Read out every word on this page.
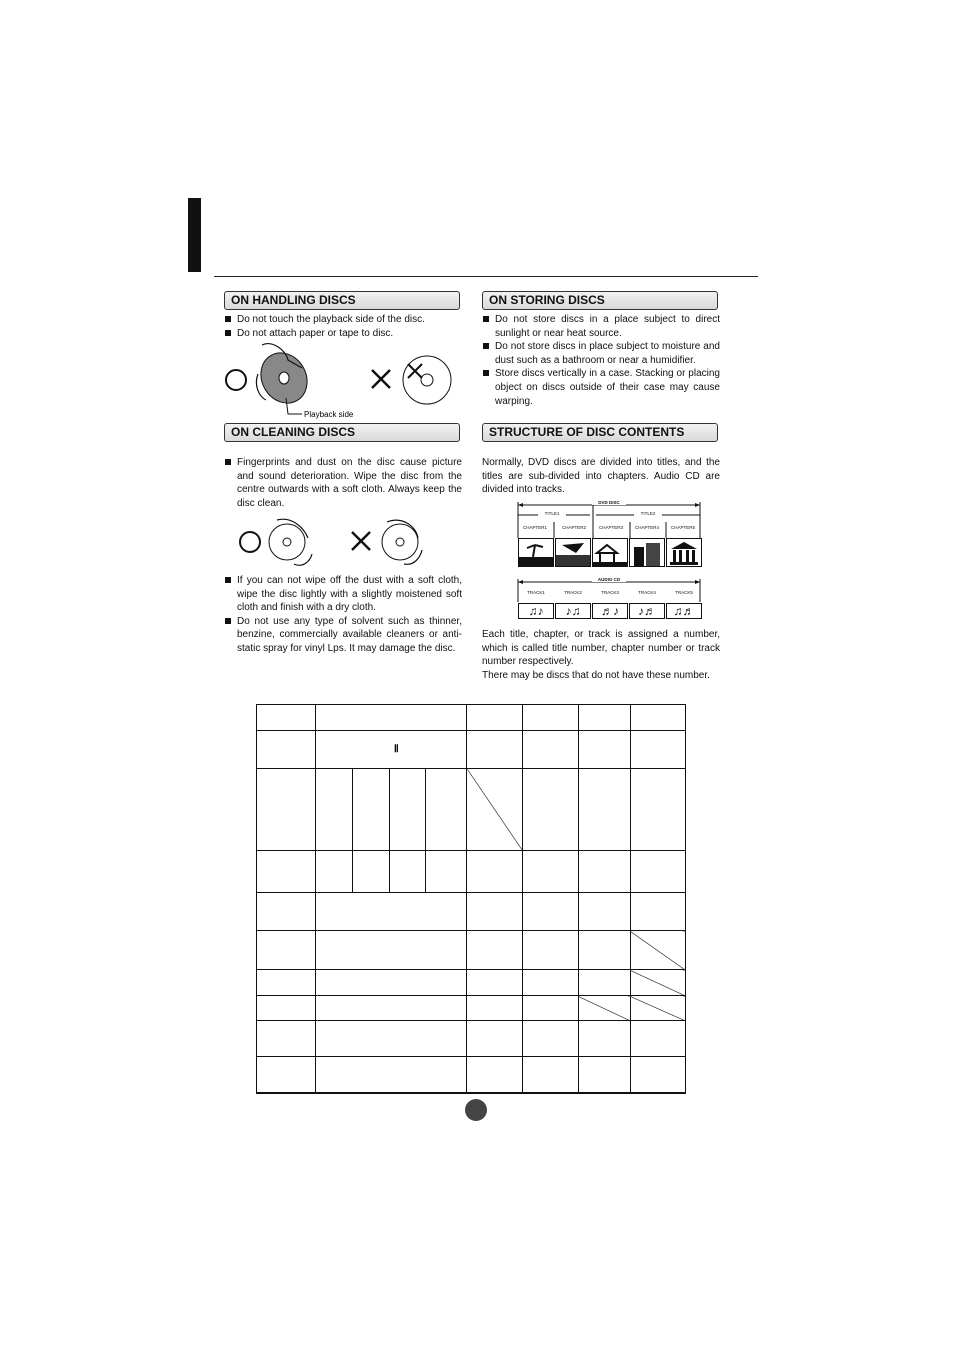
ON HANDLING DISCS
Do not touch the playback side of the disc.
Do not attach paper or tape to disc.
Playback side
ON CLEANING DISCS
Fingerprints and dust on the disc cause picture and sound deterioration. Wipe the disc from the centre outwards with a soft cloth. Always keep the disc clean.
If you can not wipe off the dust with a soft cloth, wipe the disc lightly with a slightly moistened soft cloth and finish with a dry cloth.
Do not use any type of solvent such as thinner, benzine, commercially available cleaners or anti-static spray for vinyl Lps. It may damage the disc.
ON STORING DISCS
Do not store discs in a place subject to direct sunlight or near heat source.
Do not store discs in place subject to moisture and dust such as a bathroom or near a humidifier.
Store discs vertically in a case. Stacking or placing object on discs outside of their case may cause warping.
STRUCTURE OF DISC CONTENTS
Normally, DVD discs are divided into titles, and the titles are sub-divided into chapters. Audio CD are divided into tracks.
DVD DISC
TITLE1	TITLE2
CHAPTER1	CHAPTER2	CHAPTER3	CHAPTER4	CHAPTER5
AUDIO CD
TRACK1	TRACK2	TRACK3	TRACK4	TRACK5
♫♪	♪♫	♬♪	♪♬	♫♬
Each title, chapter, or track is assigned a number, which is called title number, chapter number or track number respectively.
There may be discs that do not have these number.

	Ⅱ							
